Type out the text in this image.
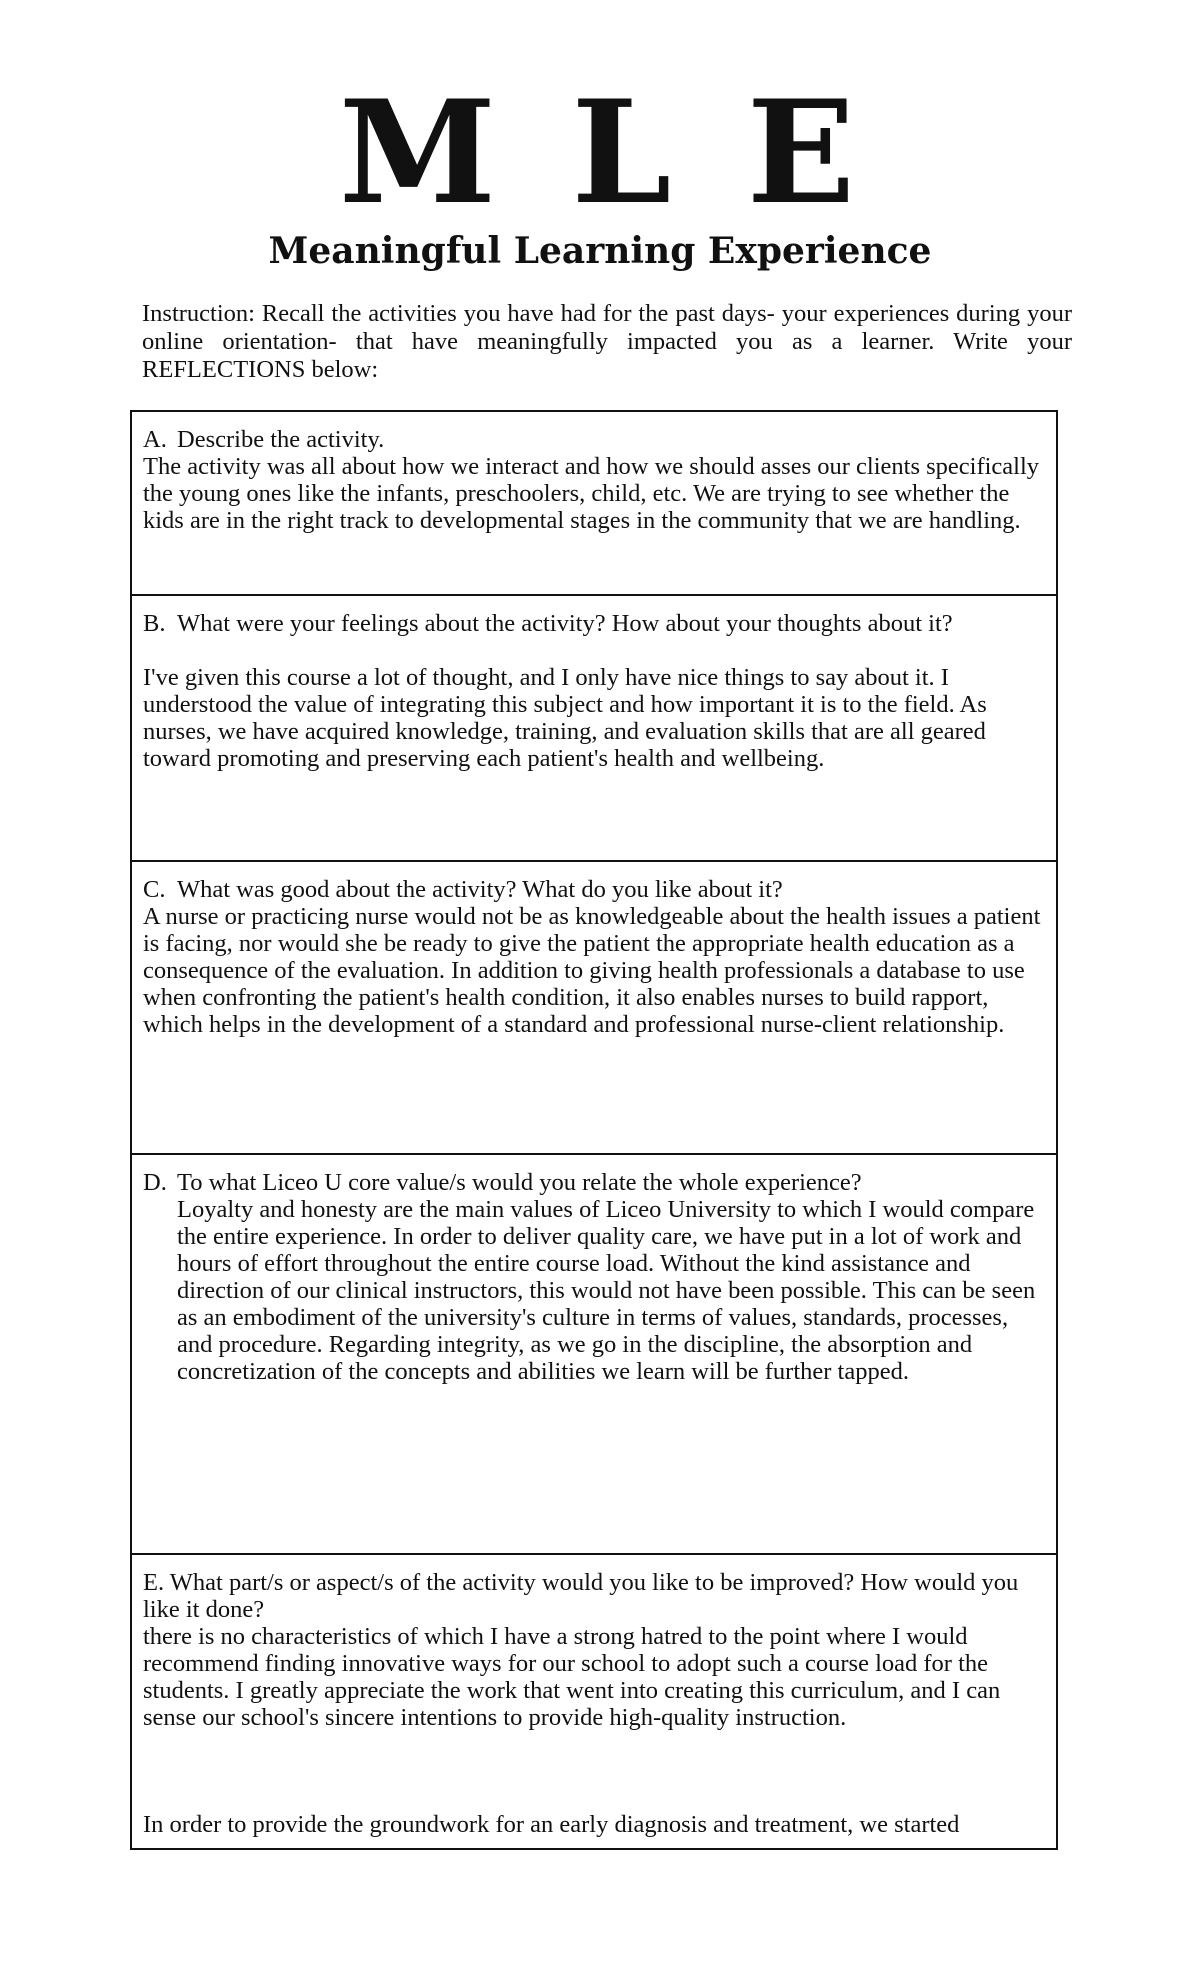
M L E
Meaningful Learning Experience
Instruction: Recall the activities you have had for the past days- your experiences during your online orientation- that have meaningfully impacted you as a learner. Write your REFLECTIONS below:

A. Describe the activity.

The activity was all about how we interact and how we should asses our clients specifically the young ones like the infants, preschoolers, child, etc. We are trying to see whether the kids are in the right track to developmental stages in the community that we are handling.

B. What were your feelings about the activity? How about your thoughts about it?

I've given this course a lot of thought, and I only have nice things to say about it. I understood the value of integrating this subject and how important it is to the field. As nurses, we have acquired knowledge, training, and evaluation skills that are all geared toward promoting and preserving each patient's health and wellbeing.

C. What was good about the activity? What do you like about it?

A nurse or practicing nurse would not be as knowledgeable about the health issues a patient is facing, nor would she be ready to give the patient the appropriate health education as a consequence of the evaluation. In addition to giving health professionals a database to use when confronting the patient's health condition, it also enables nurses to build rapport, which helps in the development of a standard and professional nurse-client relationship.

D. To what Liceo U core value/s would you relate the whole experience?

Loyalty and honesty are the main values of Liceo University to which I would compare the entire experience. In order to deliver quality care, we have put in a lot of work and hours of effort throughout the entire course load. Without the kind assistance and direction of our clinical instructors, this would not have been possible. This can be seen as an embodiment of the university's culture in terms of values, standards, processes, and procedure. Regarding integrity, as we go in the discipline, the absorption and concretization of the concepts and abilities we learn will be further tapped.

E. What part/s or aspect/s of the activity would you like to be improved? How would you like it done?

there is no characteristics of which I have a strong hatred to the point where I would recommend finding innovative ways for our school to adopt such a course load for the students. I greatly appreciate the work that went into creating this curriculum, and I can sense our school's sincere intentions to provide high-quality instruction.

In order to provide the groundwork for an early diagnosis and treatment, we started
